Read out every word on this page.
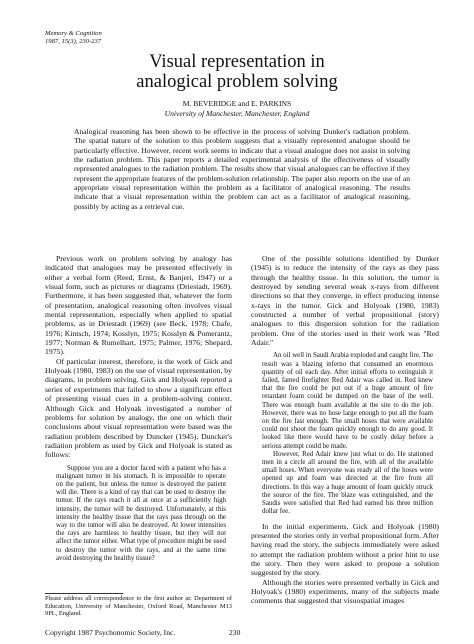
Memory & Cognition
1987, 15(3), 230-237
Visual representation in
analogical problem solving
M. BEVERIDGE and E. PARKINS
University of Manchester, Manchester, England
Analogical reasoning has been shown to be effective in the process of solving Dunker's radiation problem. The spatial nature of the solution to this problem suggests that a visually represented analogue should be particularly effective. However, recent work seems to indicate that a visual analogue does not assist in solving the radiation problem. This paper reports a detailed experimental analysis of the effectiveness of visually represented analogues to the radiation problem. The results show that visual analogues can be effective if they represent the appropriate features of the problem-solution relationship. The paper also reports on the use of an appropriate visual representation within the problem as a facilitator of analogical reasoning. The results indicate that a visual representation within the problem can act as a facilitator of analogical reasoning, possibly by acting as a retrieval cue.

Previous work on problem solving by analogy has indicated that analogues may be presented effectively in either a verbal form (Reed, Ernst, & Banjeri, 1947) or a visual form, such as pictures or diagrams (Driestadt, 1969). Furthermore, it has been suggested that, whatever the form of presentation, analogical reasoning often involves visual mental representation, especially when applied to spatial problems, as in Driestadt (1969) (see Beck, 1978; Chafe, 1976; Kintsch, 1974; Kosslyn, 1975; Kosslyn & Pomerantz, 1977; Norman & Rumelhart, 1975; Palmer, 1976; Shepard, 1975).

Of particular interest, therefore, is the work of Gick and Holyoak (1980, 1983) on the use of visual representation, by diagrams, in problem solving. Gick and Holyoak reported a series of experiments that failed to show a significant effect of presenting visual cues in a problem-solving context. Although Gick and Holyoak investigated a number of problems for solution by analogy, the one on which their conclusions about visual representation were based was the radiation problem described by Duncker (1945). Duncker's radiation problem as used by Gick and Holyoak is stated as follows:

Suppose you are a doctor faced with a patient who has a malignant tumor in his stomach. It is impossible to operate on the patient, but unless the tumor is destroyed the patient will die. There is a kind of ray that can be used to destroy the tumor. If the rays reach it all at once at a sufficiently high intensity, the tumor will be destroyed. Unfortunately, at this intensity the healthy tissue that the rays pass through on the way to the tumor will also be destroyed. At lower intensities the rays are harmless to healthy tissue, but they will not affect the tumor either. What type of procedure might be used to destroy the tumor with the rays, and at the same time avoid destroying the healthy tissue?

One of the possible solutions identified by Dunker (1945) is to reduce the intensity of the rays as they pass through the healthy tissue. In this solution, the tumor is destroyed by sending several weak x-rays from different directions so that they converge, in effect producing intense x-rays in the tumor. Gick and Holyoak (1980, 1983) constructed a number of verbal propositional (story) analogues to this dispersion solution for the radiation problem. One of the stories used in their work was "Red Adair."

An oil well in Saudi Arabia exploded and caught fire. The result was a blazing inferno that consumed an enormous quantity of oil each day. After initial efforts to extinguish it failed, famed firefighter Red Adair was called in. Red knew that the fire could be put out if a huge amount of fire retardant foam could be dumped on the base of the well. There was enough foam available at the site to do the job. However, there was no hose large enough to put all the foam on the fire fast enough. The small hoses that were available could not shoot the foam quickly enough to do any good. It looked like there would have to be costly delay before a serious attempt could be made.

However, Red Adair knew just what to do. He stationed men in a circle all around the fire, with all of the available small hoses. When everyone was ready all of the hoses were opened up and foam was directed at the fire from all directions. In this way a huge amount of foam quickly struck the source of the fire. The blaze was extinguished, and the Saudis were satisfied that Red had earned his three million dollar fee.

In the initial experiments, Gick and Holyoak (1980) presented the stories only in verbal propositional form. After having read the story, the subjects immediately were asked to attempt the radiation problem without a prior hint to use the story. Then they were asked to propose a solution suggested by the story.

Although the stories were presented verbally in Gick and Holyoak's (1980) experiments, many of the subjects made comments that suggested that visuospatial images

Please address all correspondence to the first author at: Department of Education, University of Manchester, Oxford Road, Manchester M13 9PL, England.
Copyright 1987 Psychonomic Society, Inc.	230
